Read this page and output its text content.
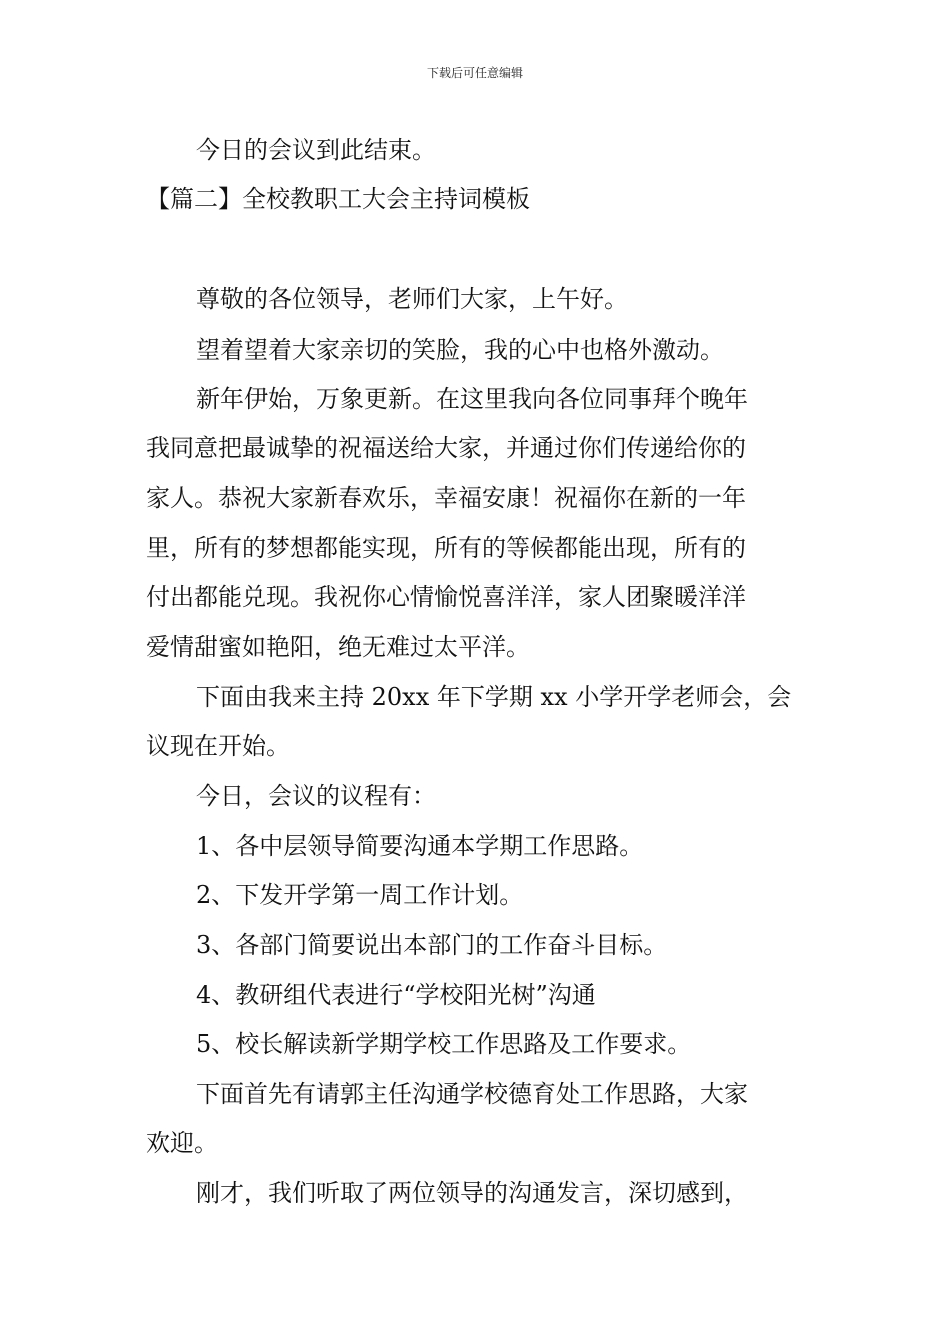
下载后可任意编辑
今日的会议到此结束。
【篇二】全校教职工大会主持词模板
尊敬的各位领导，老师们大家，上午好。
望着望着大家亲切的笑脸，我的心中也格外激动。
新年伊始，万象更新。在这里我向各位同事拜个晚年
我同意把最诚挚的祝福送给大家，并通过你们传递给你的
家人。恭祝大家新春欢乐，幸福安康！祝福你在新的一年
里，所有的梦想都能实现，所有的等候都能出现，所有的
付出都能兑现。我祝你心情愉悦喜洋洋，家人团聚暖洋洋
爱情甜蜜如艳阳，绝无难过太平洋。
下面由我来主持 20xx 年下学期 xx 小学开学老师会，会
议现在开始。
今日，会议的议程有：
1、各中层领导简要沟通本学期工作思路。
2、下发开学第一周工作计划。
3、各部门简要说出本部门的工作奋斗目标。
4、教研组代表进行“学校阳光树”沟通
5、校长解读新学期学校工作思路及工作要求。
下面首先有请郭主任沟通学校德育处工作思路，大家
欢迎。
刚才，我们听取了两位领导的沟通发言，深切感到，
